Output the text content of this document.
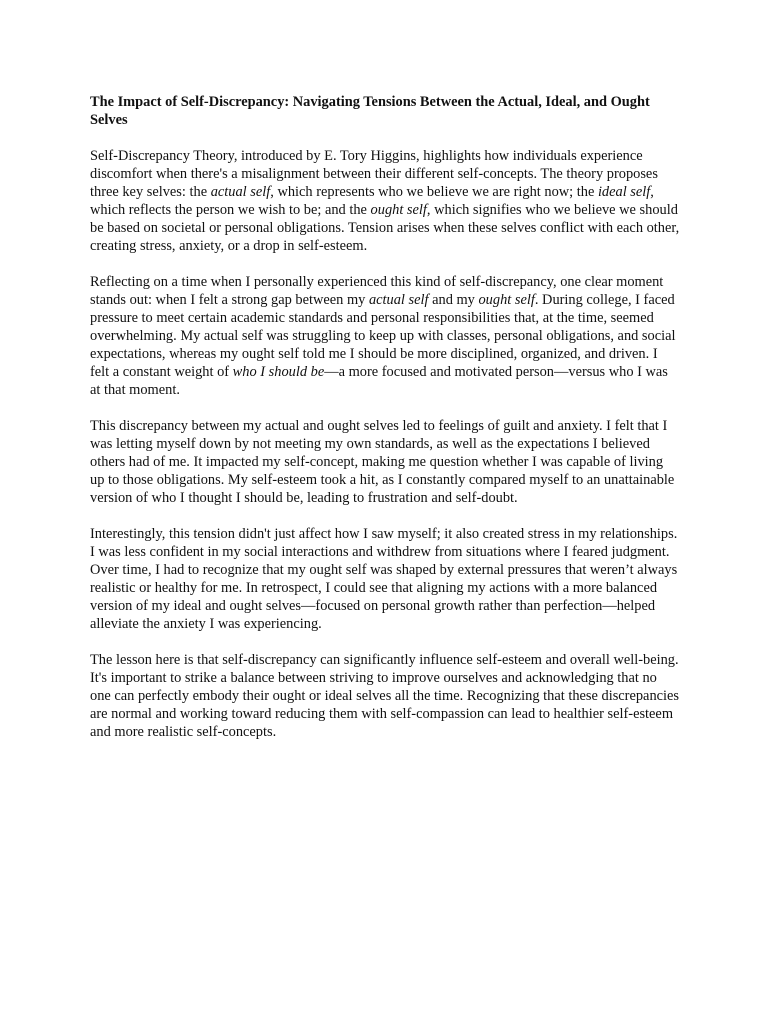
The Impact of Self-Discrepancy: Navigating Tensions Between the Actual, Ideal, and Ought Selves

Self-Discrepancy Theory, introduced by E. Tory Higgins, highlights how individuals experience discomfort when there's a misalignment between their different self-concepts. The theory proposes three key selves: the actual self, which represents who we believe we are right now; the ideal self, which reflects the person we wish to be; and the ought self, which signifies who we believe we should be based on societal or personal obligations. Tension arises when these selves conflict with each other, creating stress, anxiety, or a drop in self-esteem.

Reflecting on a time when I personally experienced this kind of self-discrepancy, one clear moment stands out: when I felt a strong gap between my actual self and my ought self. During college, I faced pressure to meet certain academic standards and personal responsibilities that, at the time, seemed overwhelming. My actual self was struggling to keep up with classes, personal obligations, and social expectations, whereas my ought self told me I should be more disciplined, organized, and driven. I felt a constant weight of who I should be—a more focused and motivated person—versus who I was at that moment.

This discrepancy between my actual and ought selves led to feelings of guilt and anxiety. I felt that I was letting myself down by not meeting my own standards, as well as the expectations I believed others had of me. It impacted my self-concept, making me question whether I was capable of living up to those obligations. My self-esteem took a hit, as I constantly compared myself to an unattainable version of who I thought I should be, leading to frustration and self-doubt.

Interestingly, this tension didn't just affect how I saw myself; it also created stress in my relationships. I was less confident in my social interactions and withdrew from situations where I feared judgment. Over time, I had to recognize that my ought self was shaped by external pressures that weren’t always realistic or healthy for me. In retrospect, I could see that aligning my actions with a more balanced version of my ideal and ought selves—focused on personal growth rather than perfection—helped alleviate the anxiety I was experiencing.

The lesson here is that self-discrepancy can significantly influence self-esteem and overall well-being. It's important to strike a balance between striving to improve ourselves and acknowledging that no one can perfectly embody their ought or ideal selves all the time. Recognizing that these discrepancies are normal and working toward reducing them with self-compassion can lead to healthier self-esteem and more realistic self-concepts.
